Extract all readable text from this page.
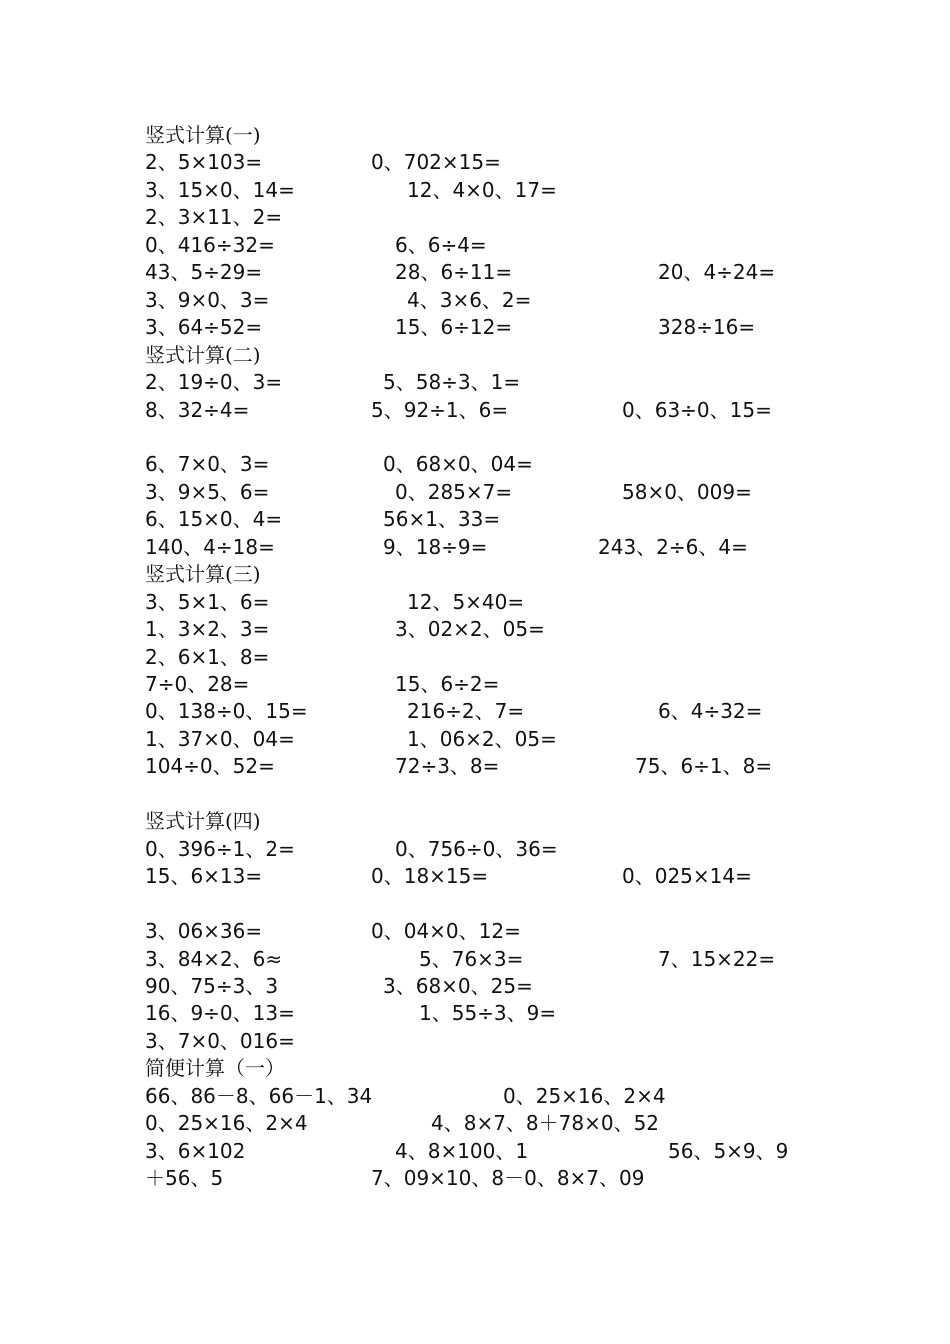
竖式计算(一)
2、5×103=	0、702×15=
3、15×0、14=	12、4×0、17=
2、3×11、2=
0、416÷32=	6、6÷4=
43、5÷29=	28、6÷11=	20、4÷24=
3、9×0、3=	4、3×6、2=
3、64÷52=	15、6÷12=	328÷16=
竖式计算(二)
2、19÷0、3=	5、58÷3、1=
8、32÷4=	5、92÷1、6=	0、63÷0、15=
6、7×0、3=	0、68×0、04=
3、9×5、6=	0、285×7=	58×0、009=
6、15×0、4=	56×1、33=
140、4÷18=	9、18÷9=	243、2÷6、4=
竖式计算(三)
3、5×1、6=	12、5×40=
1、3×2、3=	3、02×2、05=
2、6×1、8=
7÷0、28=	15、6÷2=
0、138÷0、15=	216÷2、7=	6、4÷32=
1、37×0、04=	1、06×2、05=
104÷0、52=	72÷3、8=	75、6÷1、8=
竖式计算(四)
0、396÷1、2=	0、756÷0、36=
15、6×13=	0、18×15=	0、025×14=
3、06×36=	0、04×0、12=
3、84×2、6≈	5、76×3=	7、15×22=
90、75÷3、3	3、68×0、25=
16、9÷0、13=	1、55÷3、9=
3、7×0、016=
简便计算（一）
66、86－8、66－1、34	0、25×16、2×4
0、25×16、2×4	4、8×7、8＋78×0、52
3、6×102	4、8×100、1	56、5×9、9
＋56、5	7、09×10、8－0、8×7、09
